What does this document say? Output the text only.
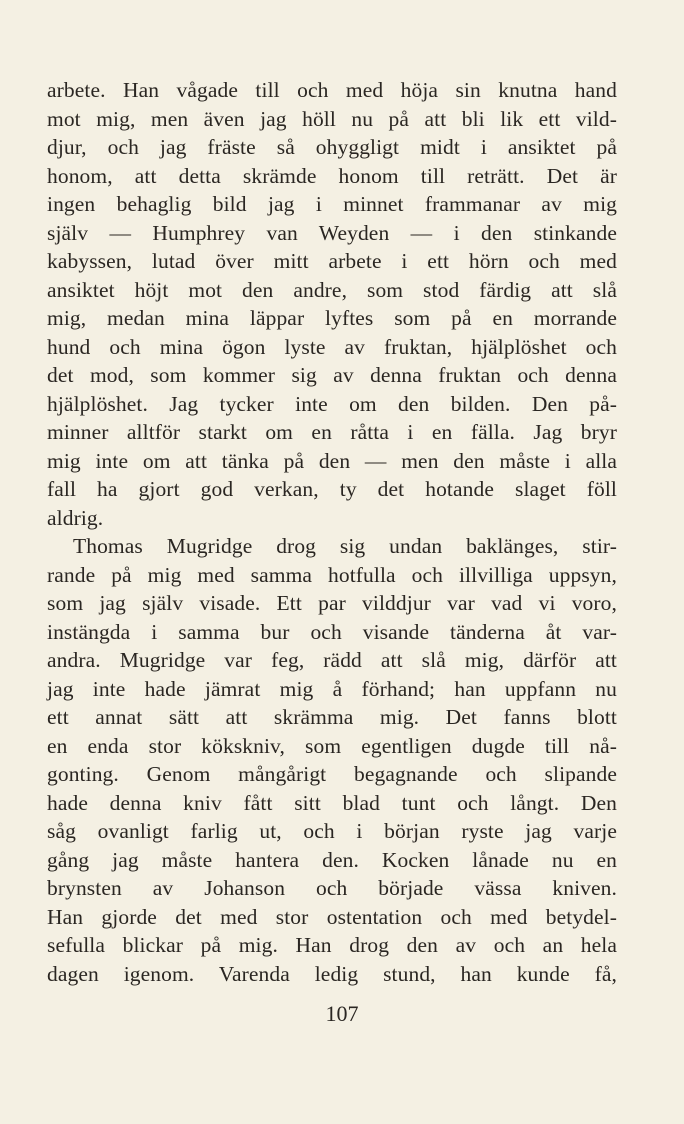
arbete. Han vågade till och med höja sin knutna hand
mot mig, men även jag höll nu på att bli lik ett vild-
djur, och jag fräste så ohyggligt midt i ansiktet på
honom, att detta skrämde honom till reträtt. Det är
ingen behaglig bild jag i minnet frammanar av mig
själv — Humphrey van Weyden — i den stinkande
kabyssen, lutad över mitt arbete i ett hörn och med
ansiktet höjt mot den andre, som stod färdig att slå
mig, medan mina läppar lyftes som på en morrande
hund och mina ögon lyste av fruktan, hjälplöshet och
det mod, som kommer sig av denna fruktan och denna
hjälplöshet. Jag tycker inte om den bilden. Den på-
minner alltför starkt om en råtta i en fälla. Jag bryr
mig inte om att tänka på den — men den måste i alla
fall ha gjort god verkan, ty det hotande slaget föll
aldrig.
Thomas Mugridge drog sig undan baklänges, stir-
rande på mig med samma hotfulla och illvilliga uppsyn,
som jag själv visade. Ett par vilddjur var vad vi voro,
instängda i samma bur och visande tänderna åt var-
andra. Mugridge var feg, rädd att slå mig, därför att
jag inte hade jämrat mig å förhand; han uppfann nu
ett annat sätt att skrämma mig. Det fanns blott
en enda stor kökskniv, som egentligen dugde till nå-
gonting. Genom mångårigt begagnande och slipande
hade denna kniv fått sitt blad tunt och långt. Den
såg ovanligt farlig ut, och i början ryste jag varje
gång jag måste hantera den. Kocken lånade nu en
brynsten av Johanson och började vässa kniven.
Han gjorde det med stor ostentation och med betydel-
sefulla blickar på mig. Han drog den av och an hela
dagen igenom. Varenda ledig stund, han kunde få,
107
